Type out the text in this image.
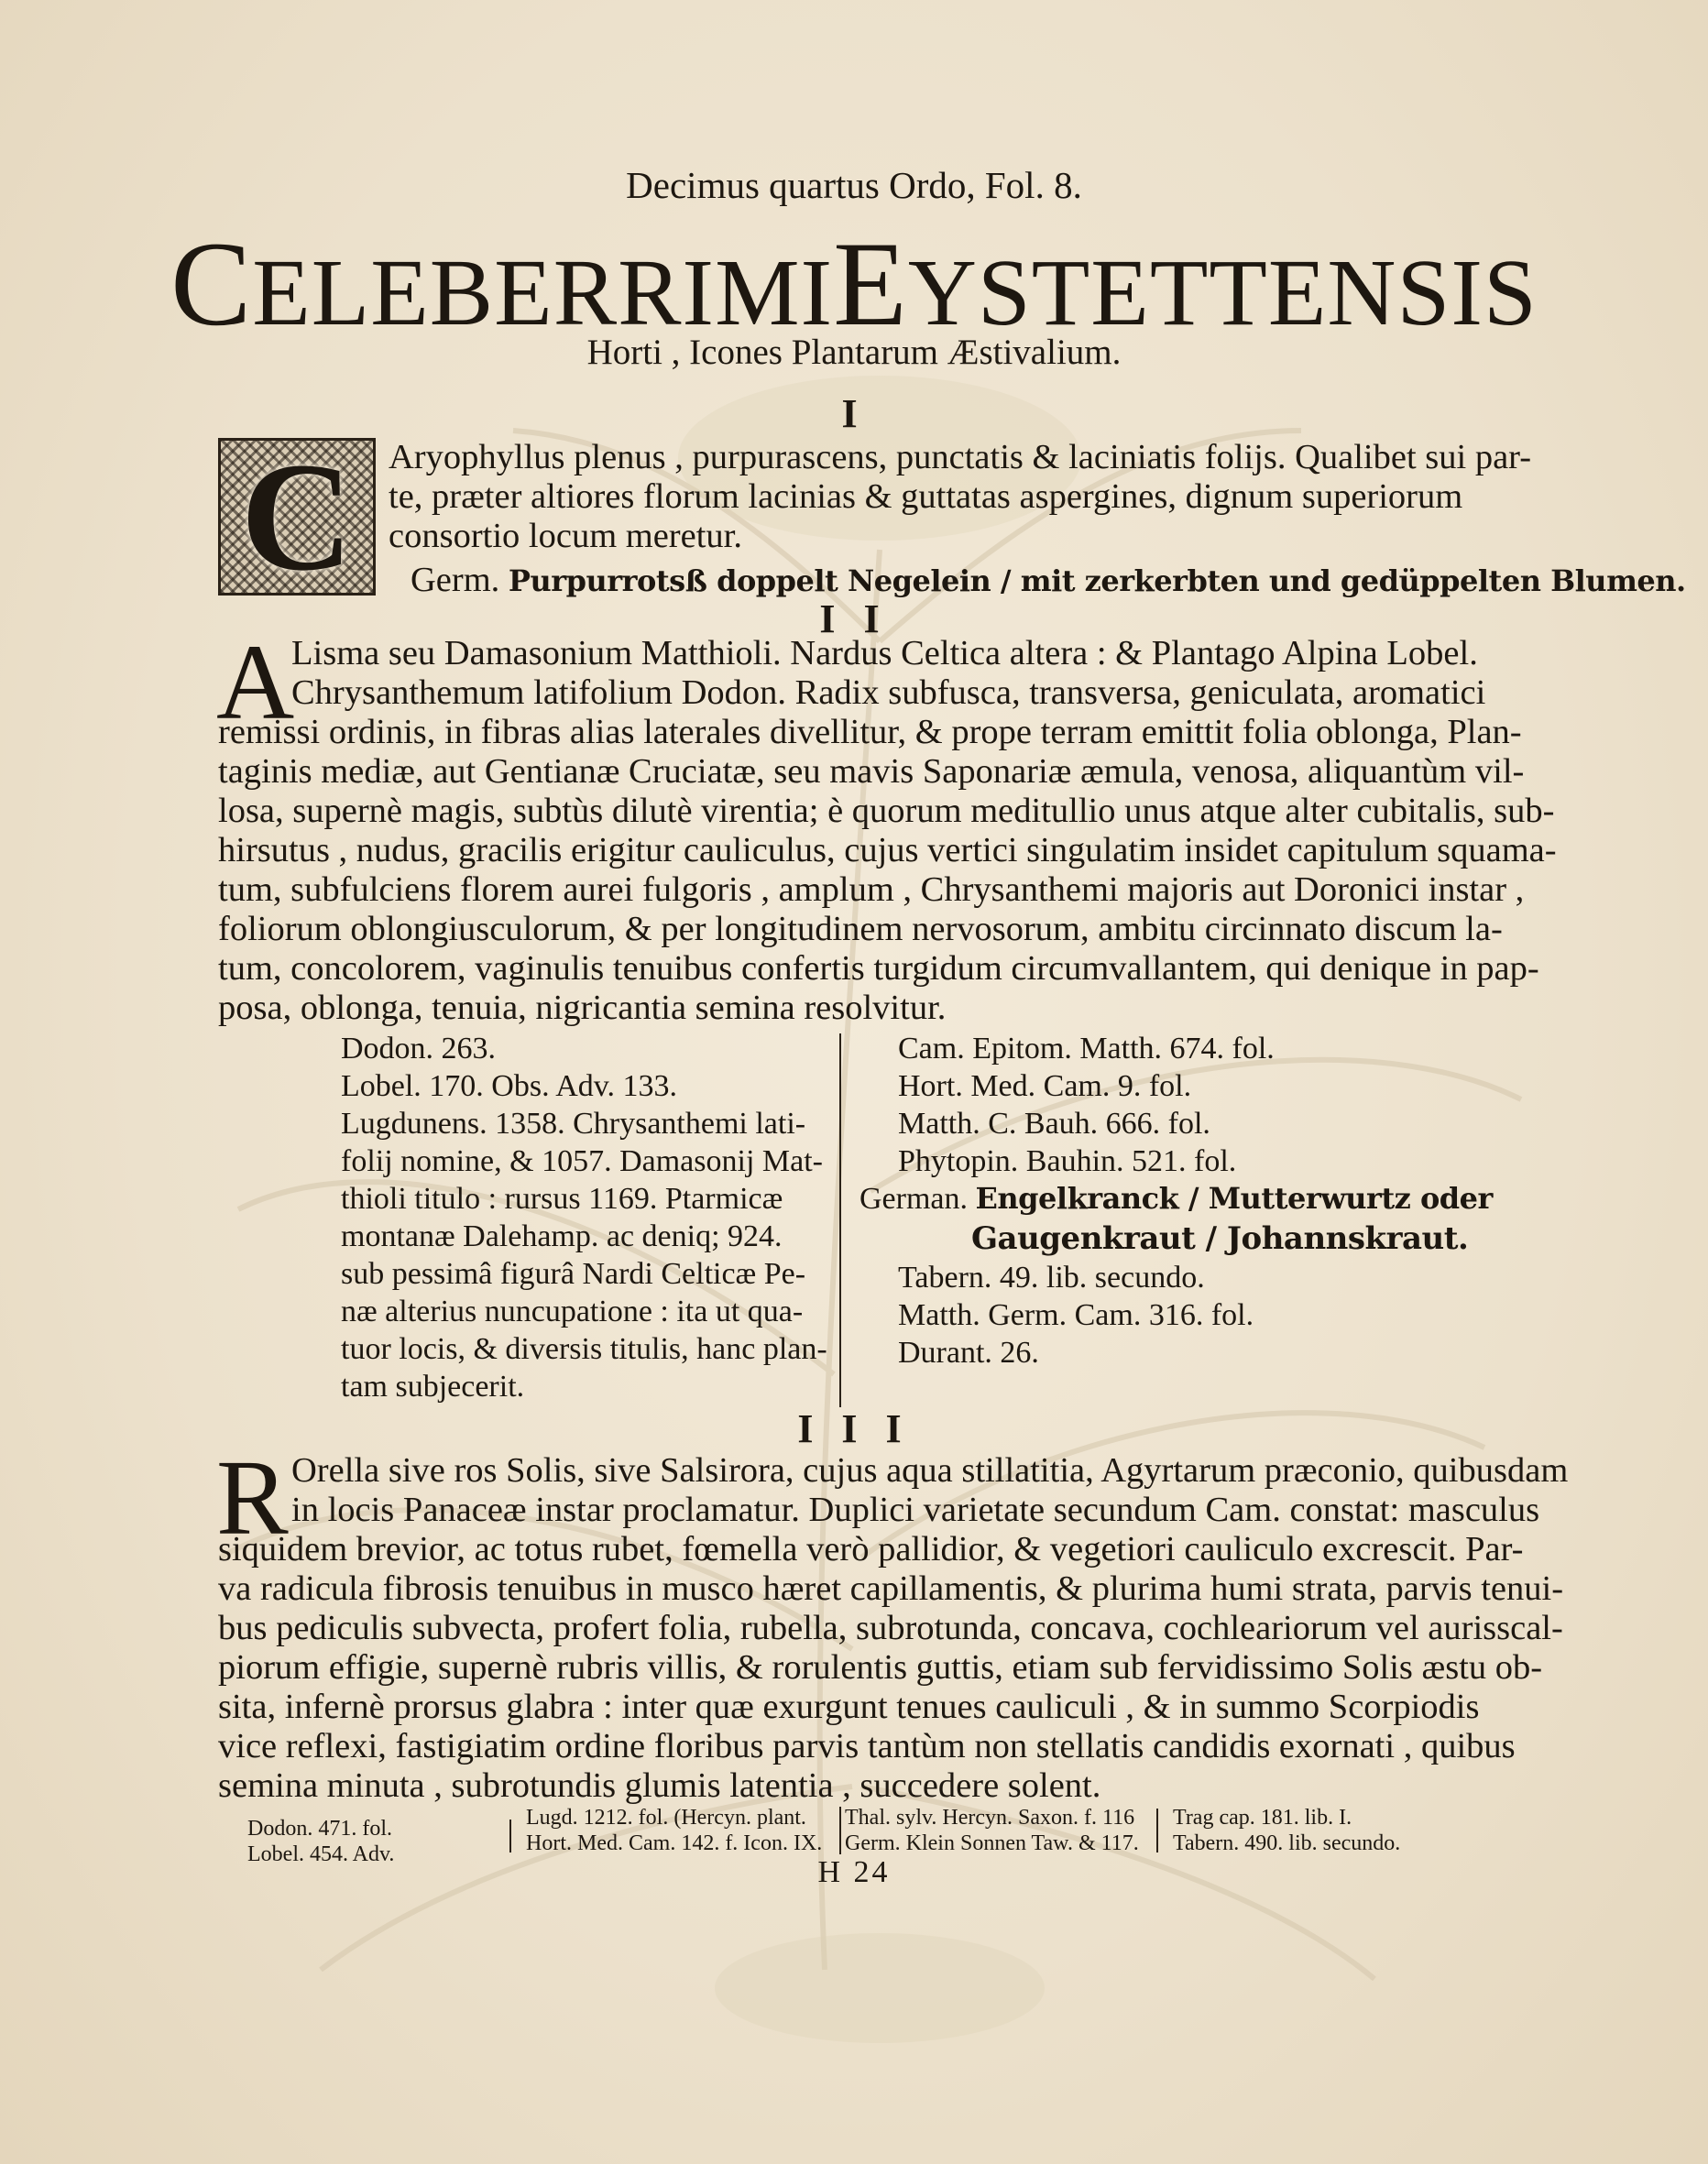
Decimus quartus Ordo, Fol. 8.
CELEBERRIMIEYSTETTENSIS
Horti , Icones Plantarum Æstivalium.
I
C	Aryophyllus plenus , purpurascens, punctatis & laciniatis folijs. Qualibet sui par-
te, præter altiores florum lacinias & guttatas aspergines, dignum superiorum
consortio locum meretur.
Germ. Purpurrotsß doppelt Negelein / mit zerkerbten und gedüppelten Blumen.
I I
A
Lisma seu Damasonium Matthioli. Nardus Celtica altera : & Plantago Alpina Lobel.
Chrysanthemum latifolium Dodon. Radix subfusca, transversa, geniculata, aromatici
remissi ordinis, in fibras alias laterales divellitur, & prope terram emittit folia oblonga, Plan-
taginis mediæ, aut Gentianæ Cruciatæ, seu mavis Saponariæ æmula, venosa, aliquantùm vil-
losa, supernè magis, subtùs dilutè virentia; è quorum meditullio unus atque alter cubitalis, sub-
hirsutus , nudus, gracilis erigitur cauliculus, cujus vertici singulatim insidet capitulum squama-
tum, subfulciens florem aurei fulgoris , amplum , Chrysanthemi majoris aut Doronici instar ,
foliorum oblongiusculorum, & per longitudinem nervosorum, ambitu circinnato discum la-
tum, concolorem, vaginulis tenuibus confertis turgidum circumvallantem, qui denique in pap-
posa, oblonga, tenuia, nigricantia semina resolvitur.
Dodon. 263.
Lobel. 170. Obs. Adv. 133.
Lugdunens. 1358. Chrysanthemi lati-
folij nomine, & 1057. Damasonij Mat-
thioli titulo : rursus 1169. Ptarmicæ
montanæ Dalehamp. ac deniq; 924.
sub pessimâ figurâ Nardi Celticæ Pe-
næ alterius nuncupatione : ita ut qua-
tuor locis, & diversis titulis, hanc plan-
tam subjecerit.
Cam. Epitom. Matth. 674. fol.
Hort. Med. Cam. 9. fol.
Matth. C. Bauh. 666. fol.
Phytopin. Bauhin. 521. fol.
German. Engelkranck / Mutterwurtz oder
Gaugenkraut / Johannskraut.
Tabern. 49. lib. secundo.
Matth. Germ. Cam. 316. fol.
Durant. 26.
I I I
R Orella sive ros Solis, sive Salsirora, cujus aqua stillatitia, Agyrtarum præconio, quibusdam
in locis Panaceæ instar proclamatur. Duplici varietate secundum Cam. constat: masculus
siquidem brevior, ac totus rubet, fœmella verò pallidior, & vegetiori cauliculo excrescit. Par-
va radicula fibrosis tenuibus in musco hæret capillamentis, & plurima humi strata, parvis tenui-
bus pediculis subvecta, profert folia, rubella, subrotunda, concava, cochleariorum vel aurisscal-
piorum effigie, supernè rubris villis, & rorulentis guttis, etiam sub fervidissimo Solis æstu ob-
sita, infernè prorsus glabra : inter quæ exurgunt tenues cauliculi , & in summo Scorpiodis
vice reflexi, fastigiatim ordine floribus parvis tantùm non stellatis candidis exornati , quibus
semina minuta , subrotundis glumis latentia , succedere solent.
Dodon. 471. fol.
Lobel. 454. Adv.
Lugd. 1212. fol. (Hercyn. plant.
Hort. Med. Cam. 142. f. Icon. IX.
Thal. sylv. Hercyn. Saxon. f. 116
Germ. Klein Sonnen Taw. & 117.
Trag cap. 181. lib. I.
Tabern. 490. lib. secundo.
H 24
